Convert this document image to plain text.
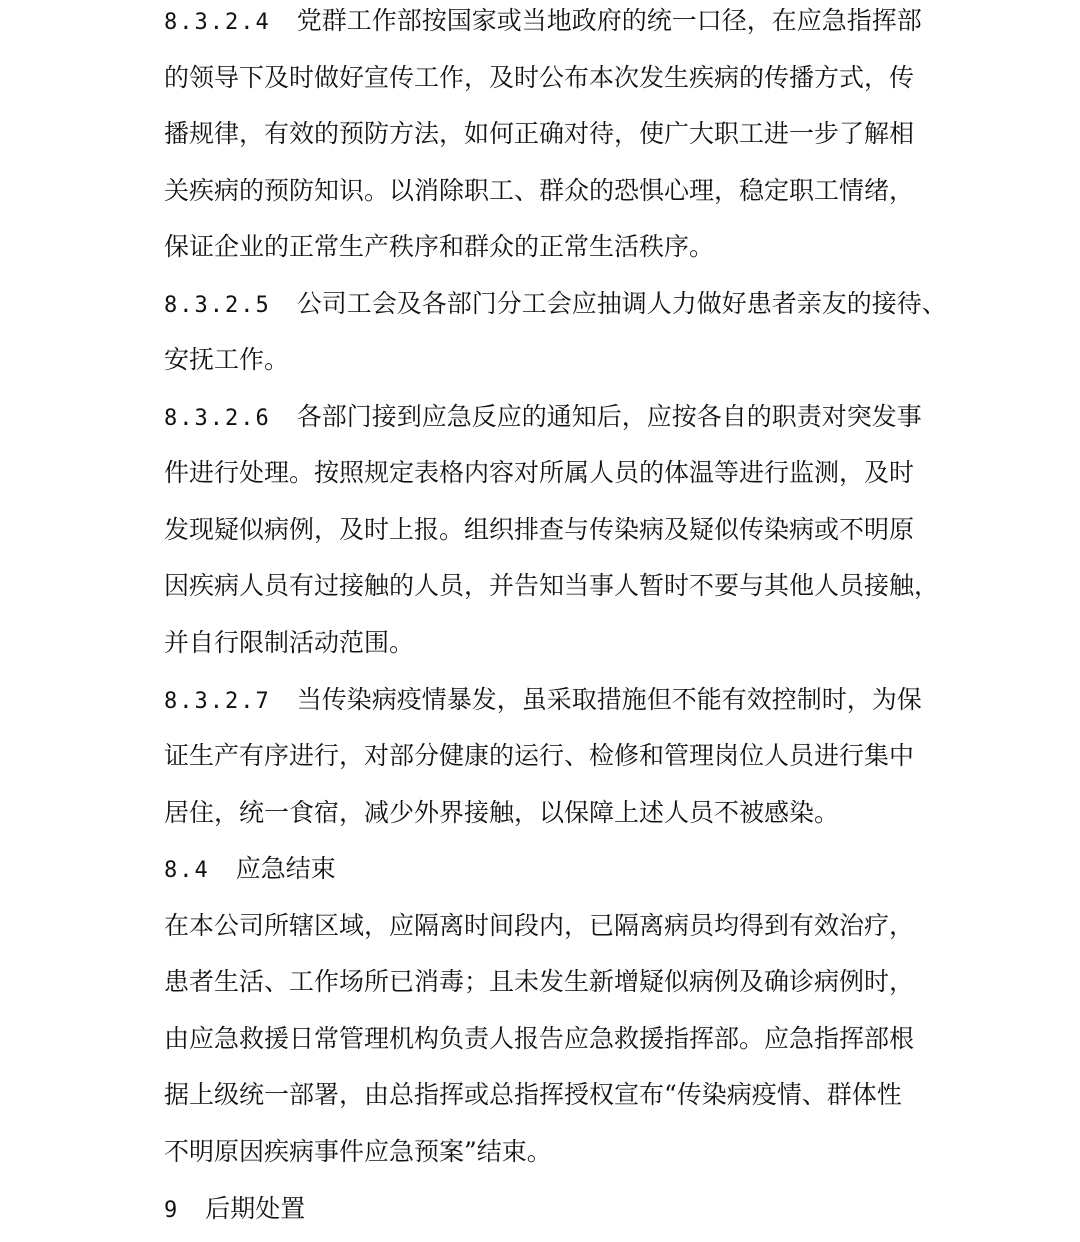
8.3.2.4 党群工作部按国家或当地政府的统一口径，在应急指挥部
的领导下及时做好宣传工作，及时公布本次发生疾病的传播方式，传
播规律，有效的预防方法，如何正确对待，使广大职工进一步了解相
关疾病的预防知识。以消除职工、群众的恐惧心理，稳定职工情绪，
保证企业的正常生产秩序和群众的正常生活秩序。
8.3.2.5 公司工会及各部门分工会应抽调人力做好患者亲友的接待、
安抚工作。
8.3.2.6 各部门接到应急反应的通知后，应按各自的职责对突发事
件进行处理。按照规定表格内容对所属人员的体温等进行监测，及时
发现疑似病例，及时上报。组织排查与传染病及疑似传染病或不明原
因疾病人员有过接触的人员，并告知当事人暂时不要与其他人员接触，
并自行限制活动范围。
8.3.2.7 当传染病疫情暴发，虽采取措施但不能有效控制时，为保
证生产有序进行，对部分健康的运行、检修和管理岗位人员进行集中
居住，统一食宿，减少外界接触，以保障上述人员不被感染。
8.4 应急结束
在本公司所辖区域，应隔离时间段内，已隔离病员均得到有效治疗，
患者生活、工作场所已消毒；且未发生新增疑似病例及确诊病例时，
由应急救援日常管理机构负责人报告应急救援指挥部。应急指挥部根
据上级统一部署，由总指挥或总指挥授权宣布“传染病疫情、群体性
不明原因疾病事件应急预案”结束。
9 后期处置
